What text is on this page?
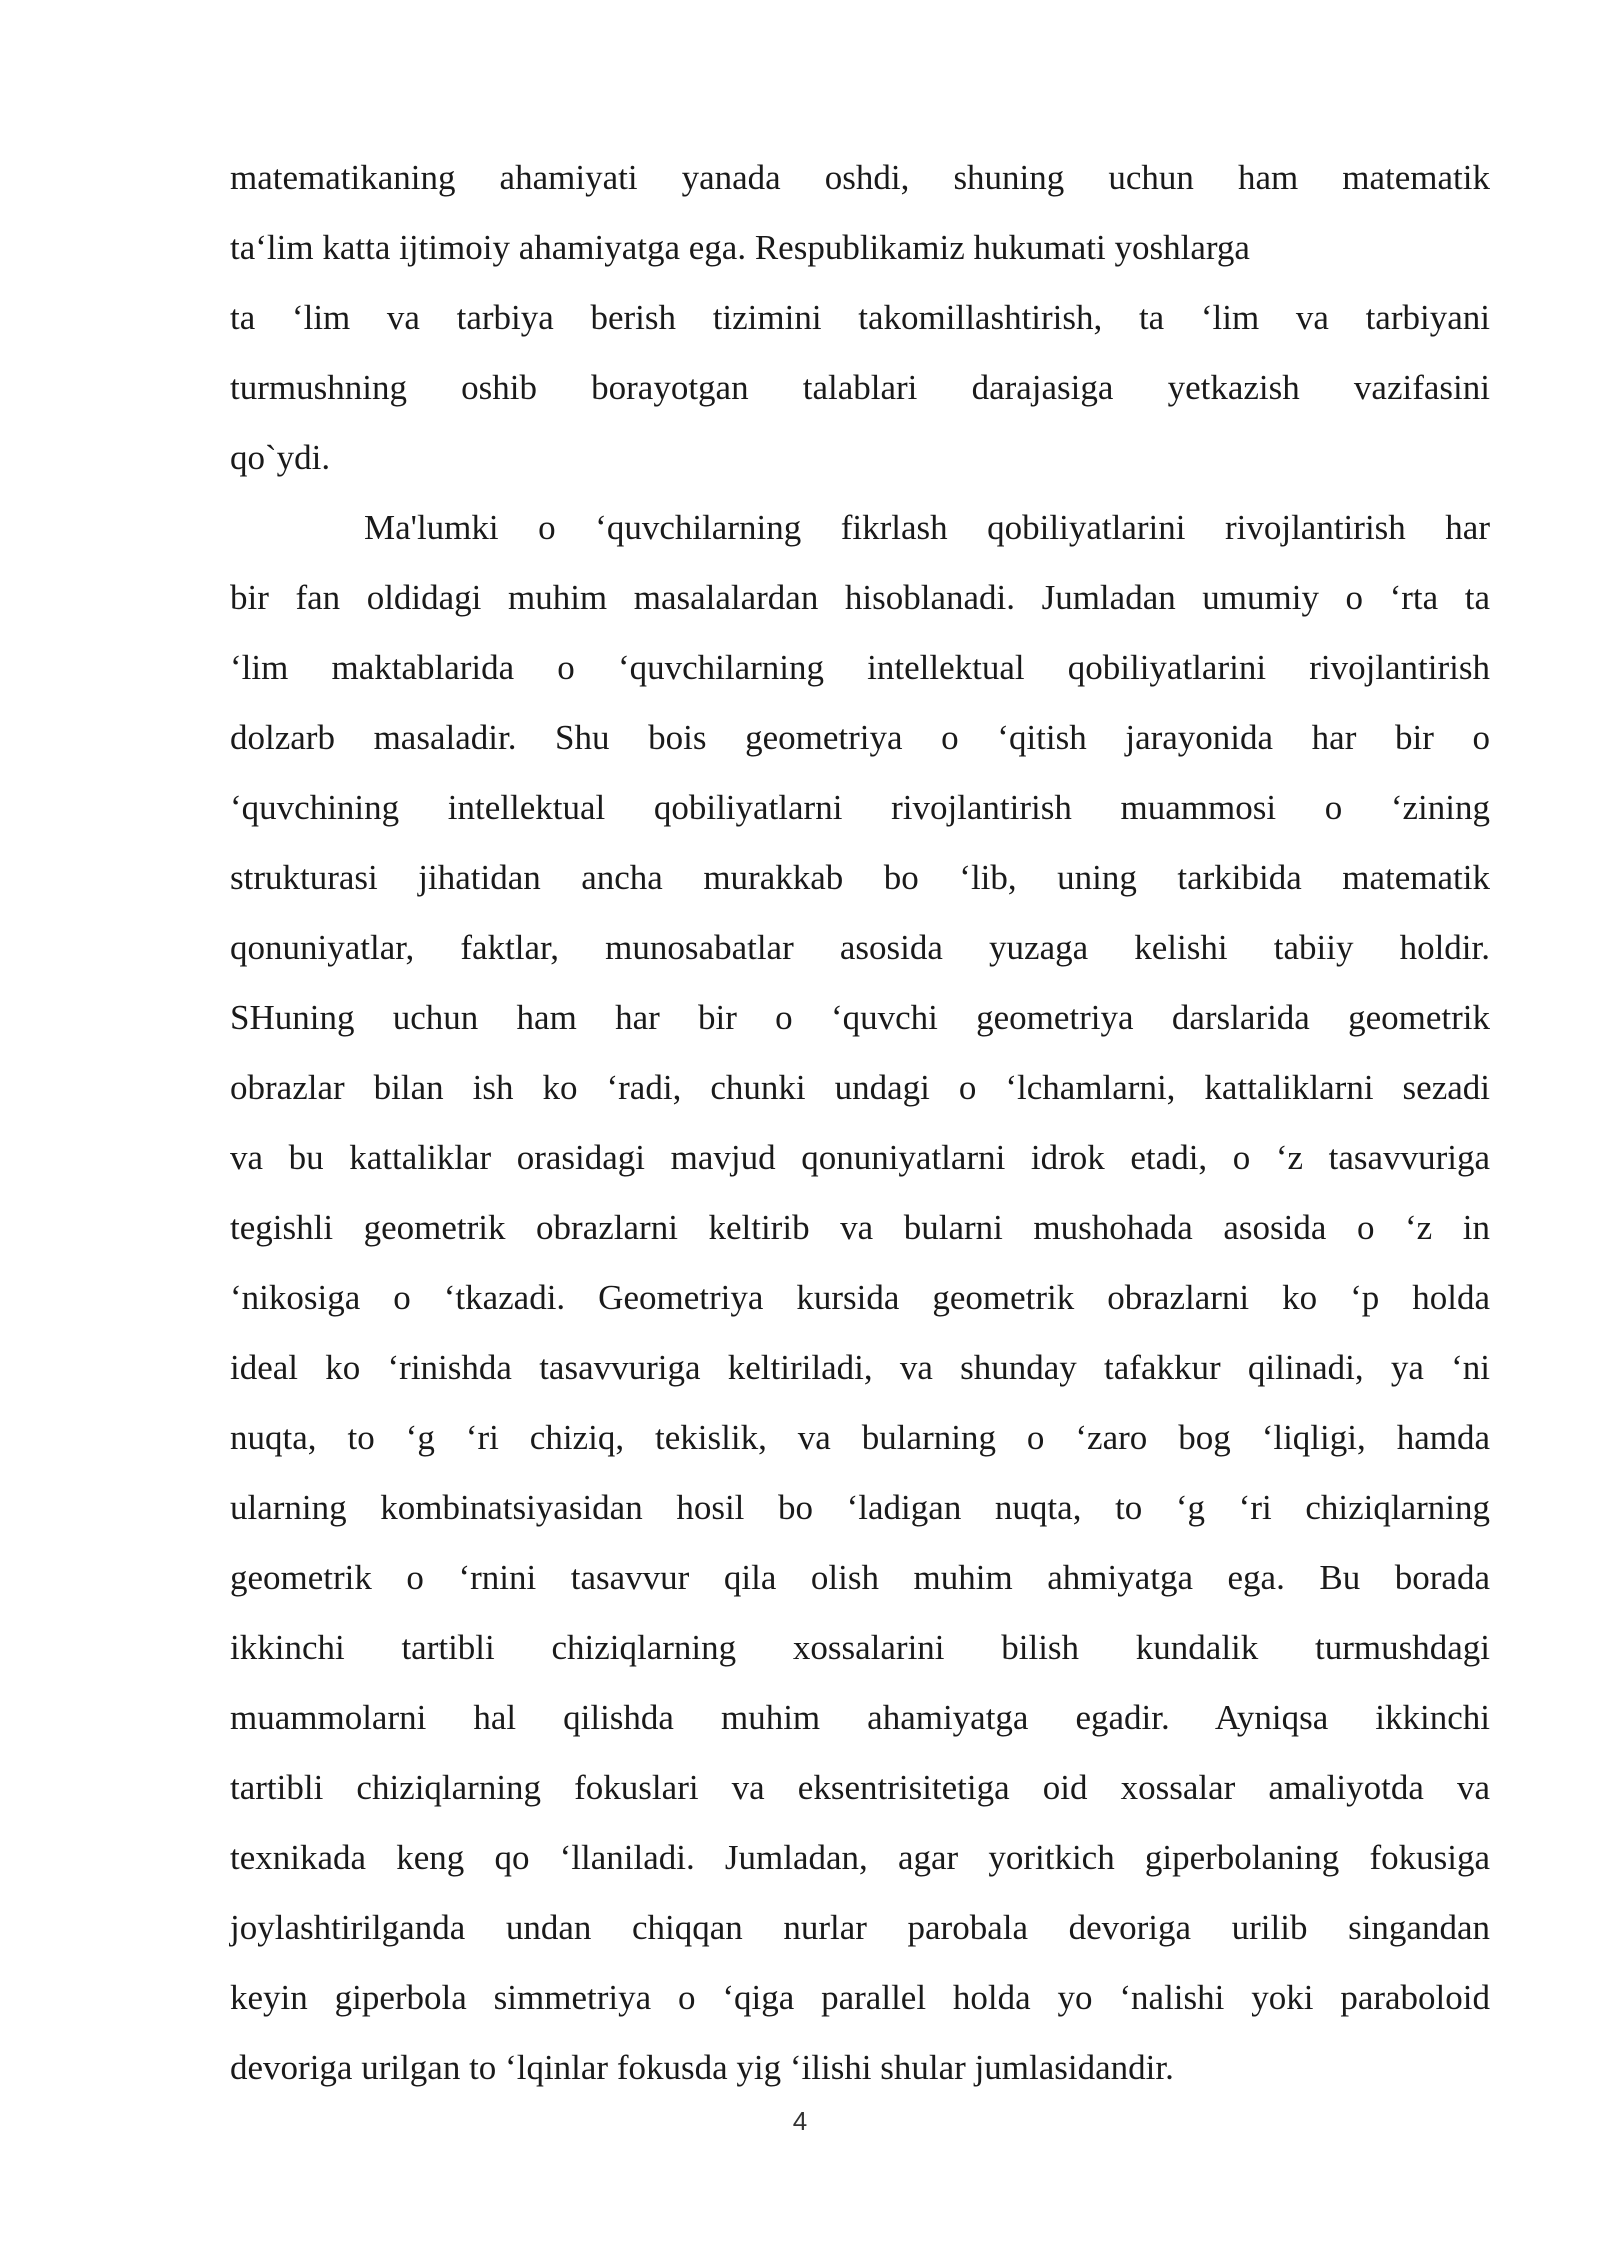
matematikaning ahamiyati yanada oshdi, shuning uchun ham matematik
ta‘lim katta ijtimoiy ahamiyatga ega. Respublikamiz hukumati yoshlarga
ta ‘lim va tarbiya berish tizimini takomillashtirish, ta ‘lim va tarbiyani
turmushning oshib borayotgan talablari darajasiga yetkazish vazifasini
qo`ydi.
Ma'lumki o ‘quvchilarning fikrlash qobiliyatlarini rivojlantirish har
bir fan oldidagi muhim masalalardan hisoblanadi. Jumladan umumiy o ‘rta ta
‘lim maktablarida o ‘quvchilarning intellektual qobiliyatlarini rivojlantirish
dolzarb masaladir. Shu bois geometriya o ‘qitish jarayonida har bir o
‘quvchining intellektual qobiliyatlarni rivojlantirish muammosi o ‘zining
strukturasi jihatidan ancha murakkab bo ‘lib, uning tarkibida matematik
qonuniyatlar, faktlar, munosabatlar asosida yuzaga kelishi tabiiy holdir.
SHuning uchun ham har bir o ‘quvchi geometriya darslarida geometrik
obrazlar bilan ish ko ‘radi, chunki undagi o ‘lchamlarni, kattaliklarni sezadi
va bu kattaliklar orasidagi mavjud qonuniyatlarni idrok etadi, o ‘z tasavvuriga
tegishli geometrik obrazlarni keltirib va bularni mushohada asosida o ‘z in
‘nikosiga o ‘tkazadi. Geometriya kursida geometrik obrazlarni ko ‘p holda
ideal ko ‘rinishda tasavvuriga keltiriladi, va shunday tafakkur qilinadi, ya ‘ni
nuqta, to ‘g ‘ri chiziq, tekislik, va bularning o ‘zaro bog ‘liqligi, hamda
ularning kombinatsiyasidan hosil bo ‘ladigan nuqta, to ‘g ‘ri chiziqlarning
geometrik o ‘rnini tasavvur qila olish muhim ahmiyatga ega. Bu borada
ikkinchi tartibli chiziqlarning xossalarini bilish kundalik turmushdagi
muammolarni hal qilishda muhim ahamiyatga egadir. Ayniqsa ikkinchi
tartibli chiziqlarning fokuslari va eksentrisitetiga oid xossalar amaliyotda va
texnikada keng qo ‘llaniladi. Jumladan, agar yoritkich giperbolaning fokusiga
joylashtirilganda undan chiqqan nurlar parobala devoriga urilib singandan
keyin giperbola simmetriya o ‘qiga parallel holda yo ‘nalishi yoki paraboloid
devoriga urilgan to ‘lqinlar fokusda yig ‘ilishi shular jumlasidandir.
4
